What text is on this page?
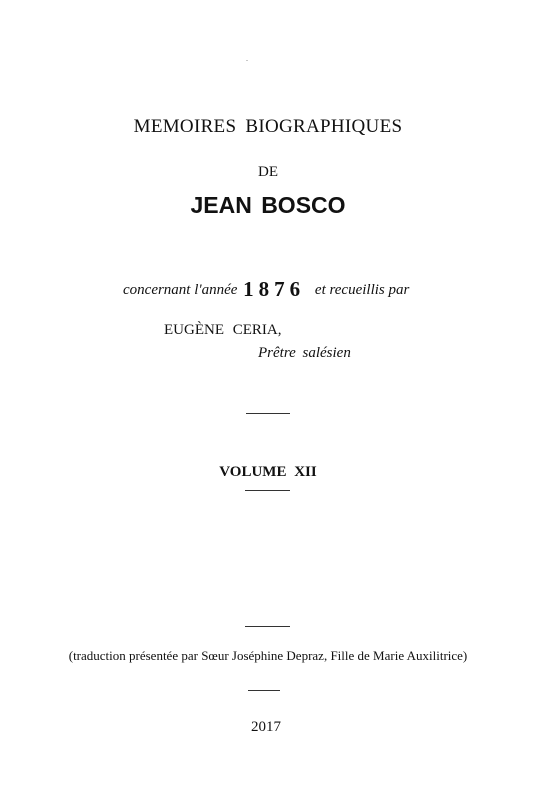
MEMOIRES BIOGRAPHIQUES
DE
JEAN BOSCO
concernant l'année 1876 et recueillis par
EUGÈNE CERIA,
Prêtre salésien
VOLUME XII
(traduction présentée par Sœur Joséphine Depraz, Fille de Marie Auxilitrice)
2017
